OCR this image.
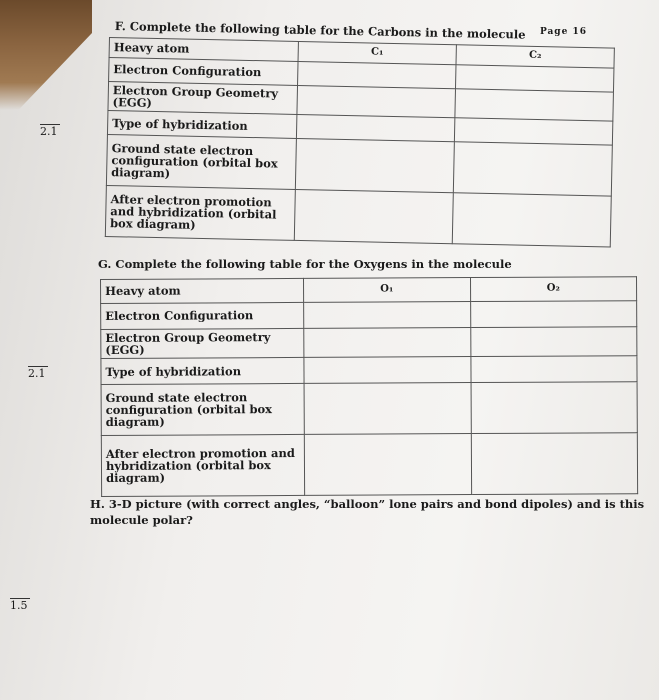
Page 16
F. Complete the following table for the Carbons in the molecule
2.1
Heavy atom	C₁	C₂
Electron Configuration		
Electron Group Geometry (EGG)		
Type of hybridization		
Ground state electron configuration (orbital box diagram)		
After electron promotion and hybridization (orbital box diagram)		
G. Complete the following table for the Oxygens in the molecule
2.1
Heavy atom	O₁	O₂
Electron Configuration		
Electron Group Geometry (EGG)		
Type of hybridization		
Ground state electron configuration (orbital box diagram)		
After electron promotion and hybridization (orbital box diagram)		
H. 3-D picture (with correct angles, “balloon” lone pairs and bond dipoles) and is this molecule polar?
1.5
